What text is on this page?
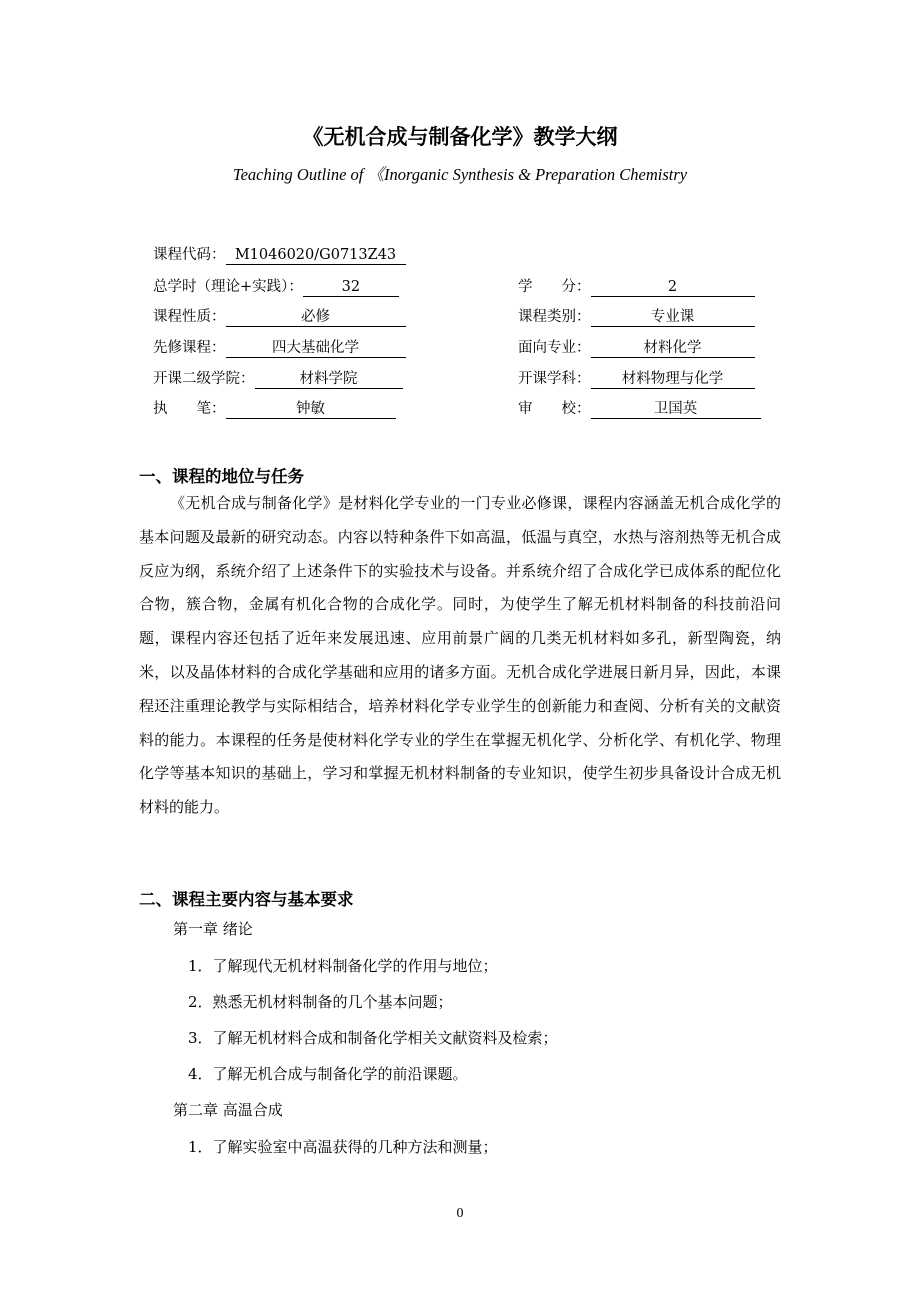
《无机合成与制备化学》教学大纲
Teaching Outline of 《Inorganic Synthesis & Preparation Chemistry
课程代码： M1046020/G0713Z43
总学时（理论+实践）：	32	学　　分：	2
课程性质：	必修	课程类别：	专业课
先修课程：	四大基础化学	面向专业：	材料化学
开课二级学院：	材料学院	开课学科： 材料物理与化学
执　　笔：	钟敏	审　　校：	卫国英
一、课程的地位与任务
《无机合成与制备化学》是材料化学专业的一门专业必修课，课程内容涵盖无机合成化学的基本问题及最新的研究动态。内容以特种条件下如高温，低温与真空，水热与溶剂热等无机合成反应为纲，系统介绍了上述条件下的实验技术与设备。并系统介绍了合成化学已成体系的配位化合物，簇合物，金属有机化合物的合成化学。同时，为使学生了解无机材料制备的科技前沿问题，课程内容还包括了近年来发展迅速、应用前景广阔的几类无机材料如多孔，新型陶瓷，纳米，以及晶体材料的合成化学基础和应用的诸多方面。无机合成化学进展日新月异，因此，本课程还注重理论教学与实际相结合，培养材料化学专业学生的创新能力和查阅、分析有关的文献资料的能力。本课程的任务是使材料化学专业的学生在掌握无机化学、分析化学、有机化学、物理化学等基本知识的基础上，学习和掌握无机材料制备的专业知识，使学生初步具备设计合成无机材料的能力。
二、课程主要内容与基本要求
第一章 绪论
1．了解现代无机材料制备化学的作用与地位；
2．熟悉无机材料制备的几个基本问题；
3．了解无机材料合成和制备化学相关文献资料及检索；
4．了解无机合成与制备化学的前沿课题。
第二章 高温合成
1．了解实验室中高温获得的几种方法和测量；
0
